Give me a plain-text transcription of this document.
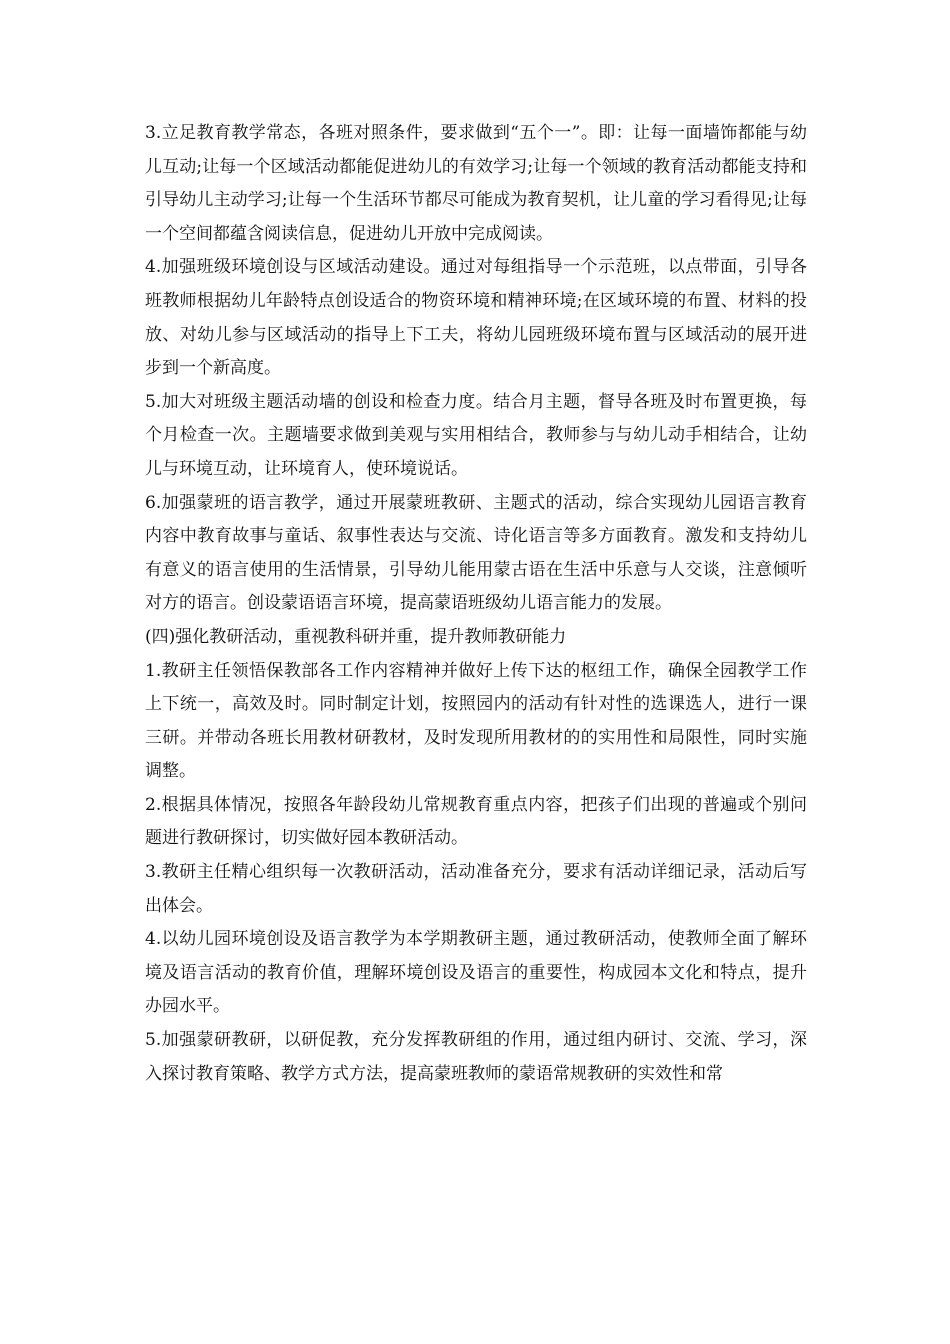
3.立足教育教学常态，各班对照条件，要求做到“五个一”。即：让每一面墙饰都能与幼儿互动;让每一个区域活动都能促进幼儿的有效学习;让每一个领域的教育活动都能支持和引导幼儿主动学习;让每一个生活环节都尽可能成为教育契机，让儿童的学习看得见;让每一个空间都蕴含阅读信息，促进幼儿开放中完成阅读。

4.加强班级环境创设与区域活动建设。通过对每组指导一个示范班，以点带面，引导各班教师根据幼儿年龄特点创设适合的物资环境和精神环境;在区域环境的布置、材料的投放、对幼儿参与区域活动的指导上下工夫，将幼儿园班级环境布置与区域活动的展开进步到一个新高度。

5.加大对班级主题活动墙的创设和检查力度。结合月主题，督导各班及时布置更换，每个月检查一次。主题墙要求做到美观与实用相结合，教师参与与幼儿动手相结合，让幼儿与环境互动，让环境育人，使环境说话。

6.加强蒙班的语言教学，通过开展蒙班教研、主题式的活动，综合实现幼儿园语言教育内容中教育故事与童话、叙事性表达与交流、诗化语言等多方面教育。激发和支持幼儿有意义的语言使用的生活情景，引导幼儿能用蒙古语在生活中乐意与人交谈，注意倾听对方的语言。创设蒙语语言环境，提高蒙语班级幼儿语言能力的发展。

(四)强化教研活动，重视教科研并重，提升教师教研能力

1.教研主任领悟保教部各工作内容精神并做好上传下达的枢纽工作，确保全园教学工作上下统一，高效及时。同时制定计划，按照园内的活动有针对性的选课选人，进行一课三研。并带动各班长用教材研教材，及时发现所用教材的的实用性和局限性，同时实施调整。

2.根据具体情况，按照各年龄段幼儿常规教育重点内容，把孩子们出现的普遍或个别问题进行教研探讨，切实做好园本教研活动。

3.教研主任精心组织每一次教研活动，活动准备充分，要求有活动详细记录，活动后写出体会。

4.以幼儿园环境创设及语言教学为本学期教研主题，通过教研活动，使教师全面了解环境及语言活动的教育价值，理解环境创设及语言的重要性，构成园本文化和特点，提升办园水平。

5.加强蒙研教研，以研促教，充分发挥教研组的作用，通过组内研讨、交流、学习，深入探讨教育策略、教学方式方法，提高蒙班教师的蒙语常规教研的实效性和常
